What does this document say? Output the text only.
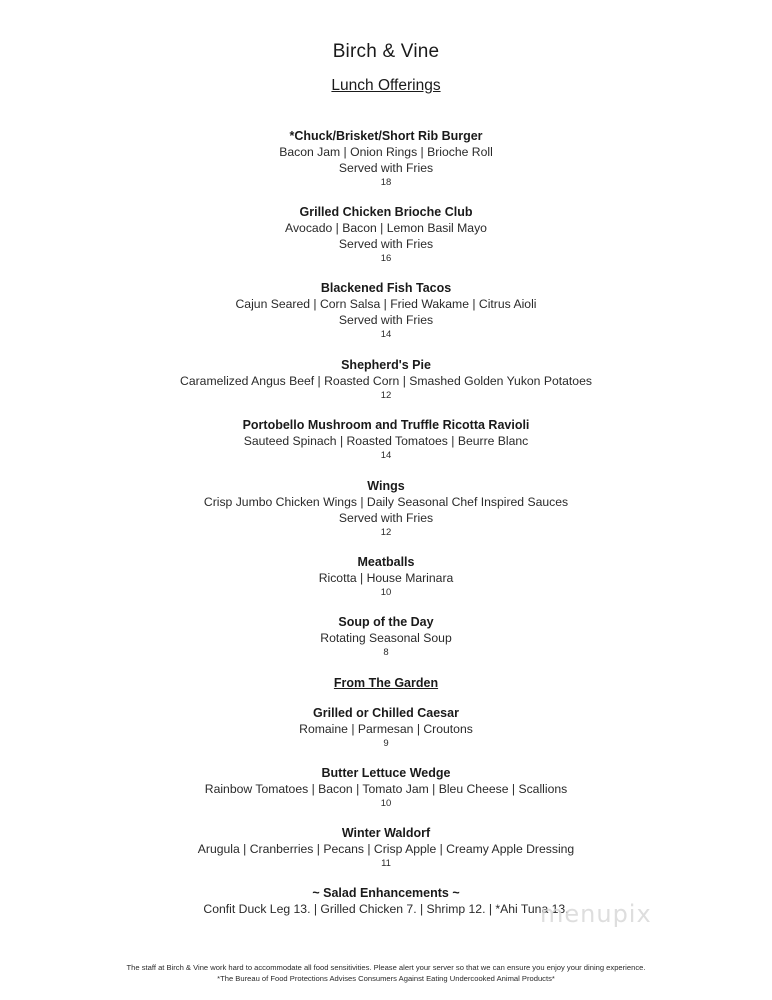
Birch & Vine
Lunch Offerings
*Chuck/Brisket/Short Rib Burger
Bacon Jam | Onion Rings | Brioche Roll
Served with Fries
18
Grilled Chicken Brioche Club
Avocado | Bacon | Lemon Basil Mayo
Served with Fries
16
Blackened Fish Tacos
Cajun Seared | Corn Salsa | Fried Wakame | Citrus Aioli
Served with Fries
14
Shepherd's Pie
Caramelized Angus Beef | Roasted Corn | Smashed Golden Yukon Potatoes
12
Portobello Mushroom and Truffle Ricotta Ravioli
Sauteed Spinach | Roasted Tomatoes | Beurre Blanc
14
Wings
Crisp Jumbo Chicken Wings | Daily Seasonal Chef Inspired Sauces
Served with Fries
12
Meatballs
Ricotta | House Marinara
10
Soup of the Day
Rotating Seasonal Soup
8
From The Garden
Grilled or Chilled Caesar
Romaine | Parmesan | Croutons
9
Butter Lettuce Wedge
Rainbow Tomatoes | Bacon | Tomato Jam | Bleu Cheese | Scallions
10
Winter Waldorf
Arugula | Cranberries | Pecans | Crisp Apple | Creamy Apple Dressing
11
~ Salad Enhancements ~
Confit Duck Leg 13. | Grilled Chicken 7. | Shrimp 12. | *Ahi Tuna 13.
menupix
The staff at Birch & Vine work hard to accommodate all food sensitivities. Please alert your server so that we can ensure you enjoy your dining experience.
*The Bureau of Food Protections Advises Consumers Against Eating Undercooked Animal Products*
